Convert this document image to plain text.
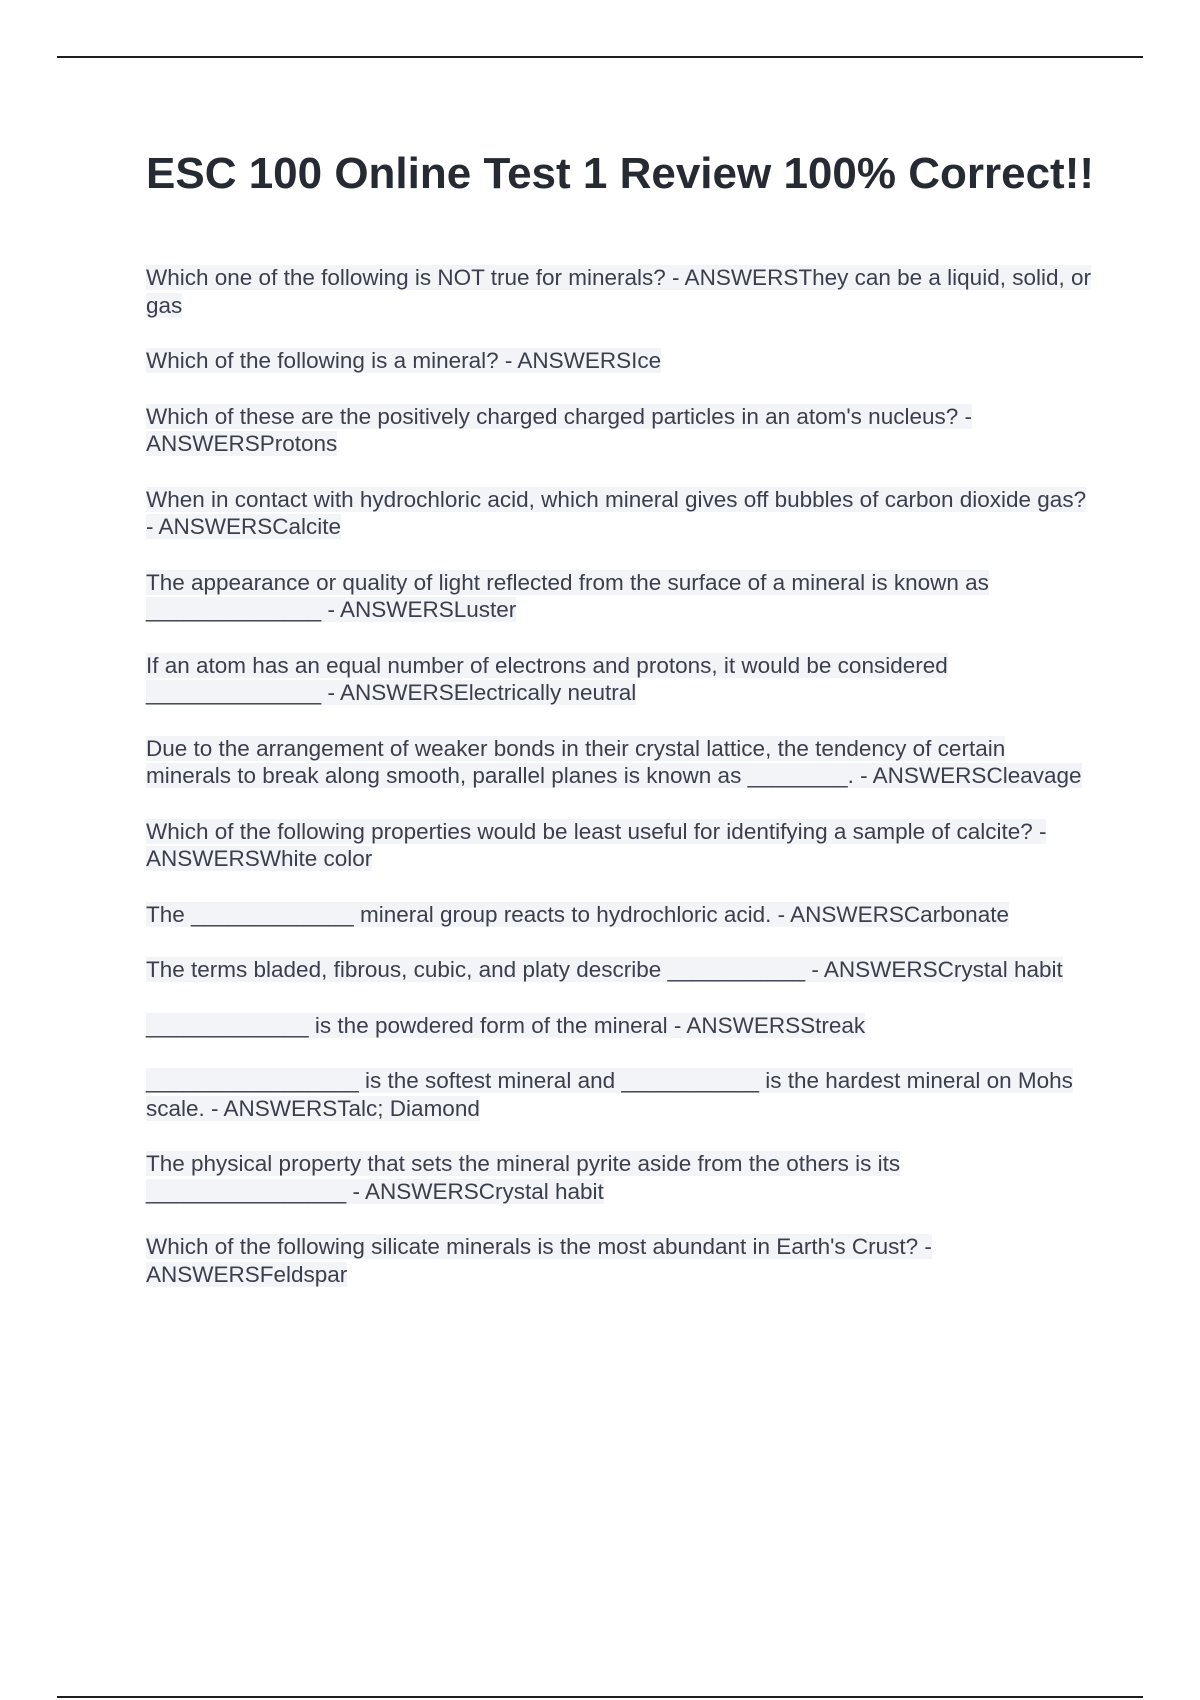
ESC 100 Online Test 1 Review 100% Correct!!

Which one of the following is NOT true for minerals? - ANSWERSThey can be a liquid, solid, or gas

Which of the following is a mineral? - ANSWERSIce

Which of these are the positively charged charged particles in an atom's nucleus? - ANSWERSProtons

When in contact with hydrochloric acid, which mineral gives off bubbles of carbon dioxide gas? - ANSWERSCalcite

The appearance or quality of light reflected from the surface of a mineral is known as ______________ - ANSWERSLuster

If an atom has an equal number of electrons and protons, it would be considered ______________ - ANSWERSElectrically neutral

Due to the arrangement of weaker bonds in their crystal lattice, the tendency of certain minerals to break along smooth, parallel planes is known as ________. - ANSWERSCleavage

Which of the following properties would be least useful for identifying a sample of calcite? - ANSWERSWhite color

The _____________ mineral group reacts to hydrochloric acid. - ANSWERSCarbonate

The terms bladed, fibrous, cubic, and platy describe ___________ - ANSWERSCrystal habit

_____________ is the powdered form of the mineral - ANSWERSStreak

_________________ is the softest mineral and ___________ is the hardest mineral on Mohs scale. - ANSWERSTalc; Diamond

The physical property that sets the mineral pyrite aside from the others is its ________________ - ANSWERSCrystal habit

Which of the following silicate minerals is the most abundant in Earth's Crust? - ANSWERSFeldspar
